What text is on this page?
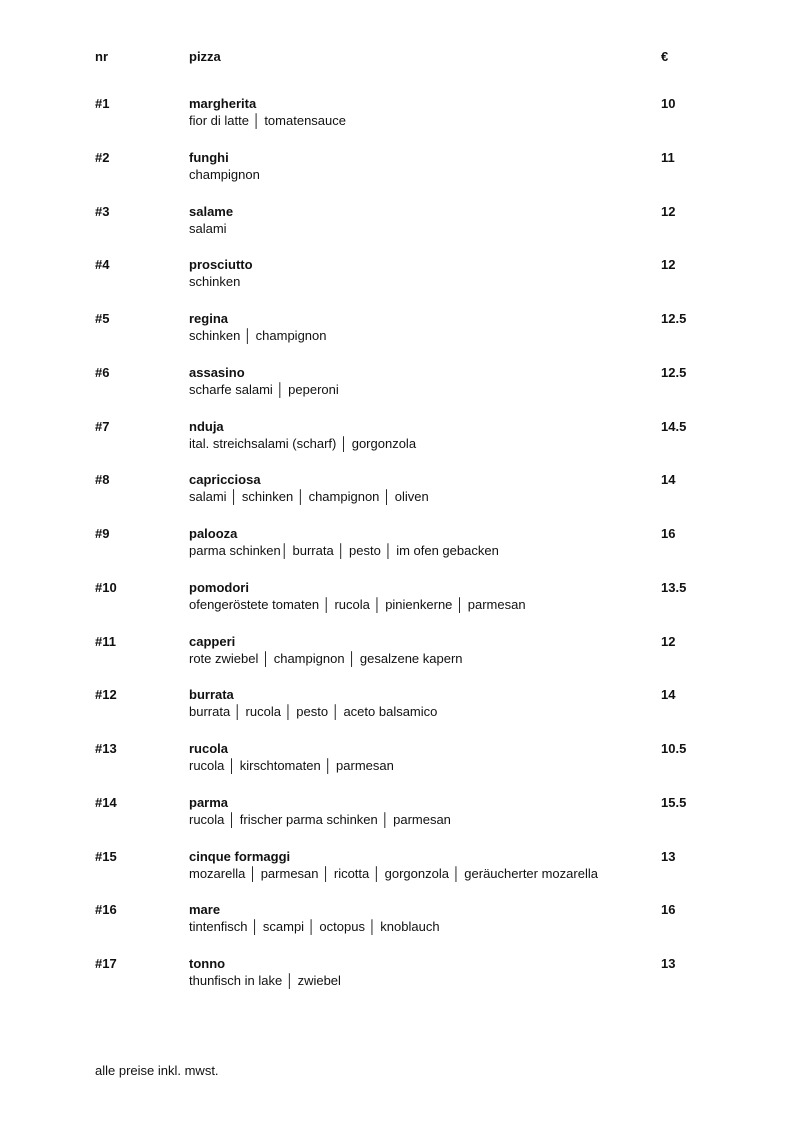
nr	pizza	€
#1	margherita
fior di latte │ tomatensauce
10
#2	funghi
champignon
11
#3	salame
salami
12
#4	prosciutto
schinken
12
#5	regina
schinken │ champignon
12.5
#6	assasino
scharfe salami │ peperoni
12.5
#7	nduja
ital. streichsalami (scharf) │ gorgonzola
14.5
#8	capricciosa
salami │ schinken │ champignon │ oliven
14
#9	palooza
parma schinken│ burrata │ pesto │ im ofen gebacken
16
#10	pomodori
ofengeröstete tomaten │ rucola │ pinienkerne │ parmesan
13.5
#11	capperi
rote zwiebel │ champignon │ gesalzene kapern
12
#12	burrata
burrata │ rucola │ pesto │ aceto balsamico
14
#13	rucola
rucola │ kirschtomaten │ parmesan
10.5
#14	parma
rucola │ frischer parma schinken │ parmesan
15.5
#15	cinque formaggi
mozarella │ parmesan │ ricotta │ gorgonzola │ geräucherter mozarella
13
#16	mare
tintenfisch │ scampi │ octopus │ knoblauch
16
#17	tonno
thunfisch in lake │ zwiebel
13
alle preise inkl. mwst.
